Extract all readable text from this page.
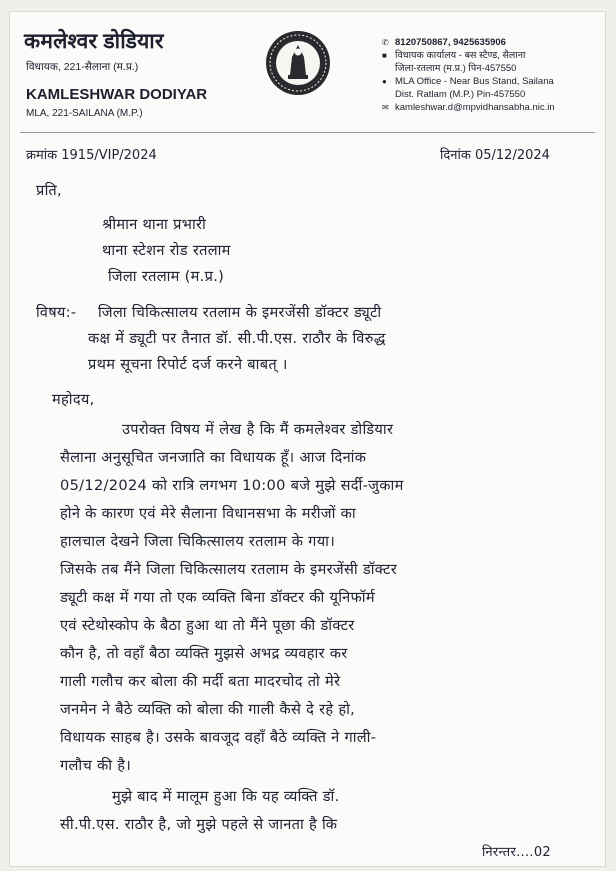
कमलेश्वर डोडियार
विधायक, 221-सैलाना (म.प्र.)
KAMLESHWAR DODIYAR
MLA, 221-SAILANA (M.P.)
✆ 8120750867, 9425635906
■ विधायक कार्यालय - बस स्टैण्ड, सैलाना
जिला-रतलाम (म.प्र.) पिन-457550
● MLA Office - Near Bus Stand, Sailana
Dist. Ratlam (M.P.) Pin-457550
✉ kamleshwar.d@mpvidhansabha.nic.in
क्रमांक 1915/VIP/2024	दिनांक 05/12/2024
प्रति,
श्रीमान थाना प्रभारी
थाना स्टेशन रोड रतलाम
जिला रतलाम (म.प्र.)
विषय:- जिला चिकित्सालय रतलाम के इमरजेंसी डॉक्टर ड्यूटी
कक्ष में ड्यूटी पर तैनात डॉ. सी.पी.एस. राठौर के विरुद्ध
प्रथम सूचना रिपोर्ट दर्ज करने बाबत् ।
महोदय,
उपरोक्त विषय में लेख है कि मैं कमलेश्वर डोडियार
सैलाना अनुसूचित जनजाति का विधायक हूँ। आज दिनांक
05/12/2024 को रात्रि लगभग 10:00 बजे मुझे सर्दी-जुकाम
होने के कारण एवं मेरे सैलाना विधानसभा के मरीजों का
हालचाल देखने जिला चिकित्सालय रतलाम के गया।
जिसके तब मैंने जिला चिकित्सालय रतलाम के इमरजेंसी डॉक्टर
ड्यूटी कक्ष में गया तो एक व्यक्ति बिना डॉक्टर की यूनिफॉर्म
एवं स्टेथोस्कोप के बैठा हुआ था तो मैंने पूछा की डॉक्टर
कौन है, तो वहाँ बैठा व्यक्ति मुझसे अभद्र व्यवहार कर
गाली गलौच कर बोला की मर्दी बता मादरचोद तो मेरे
जनमेन ने बैठे व्यक्ति को बोला की गाली कैसे दे रहे हो,
विधायक साहब है। उसके बावजूद वहाँ बैठे व्यक्ति ने गाली-
गलौच की है।
मुझे बाद में मालूम हुआ कि यह व्यक्ति डॉ.
सी.पी.एस. राठौर है, जो मुझे पहले से जानता है कि
निरन्तर....02
